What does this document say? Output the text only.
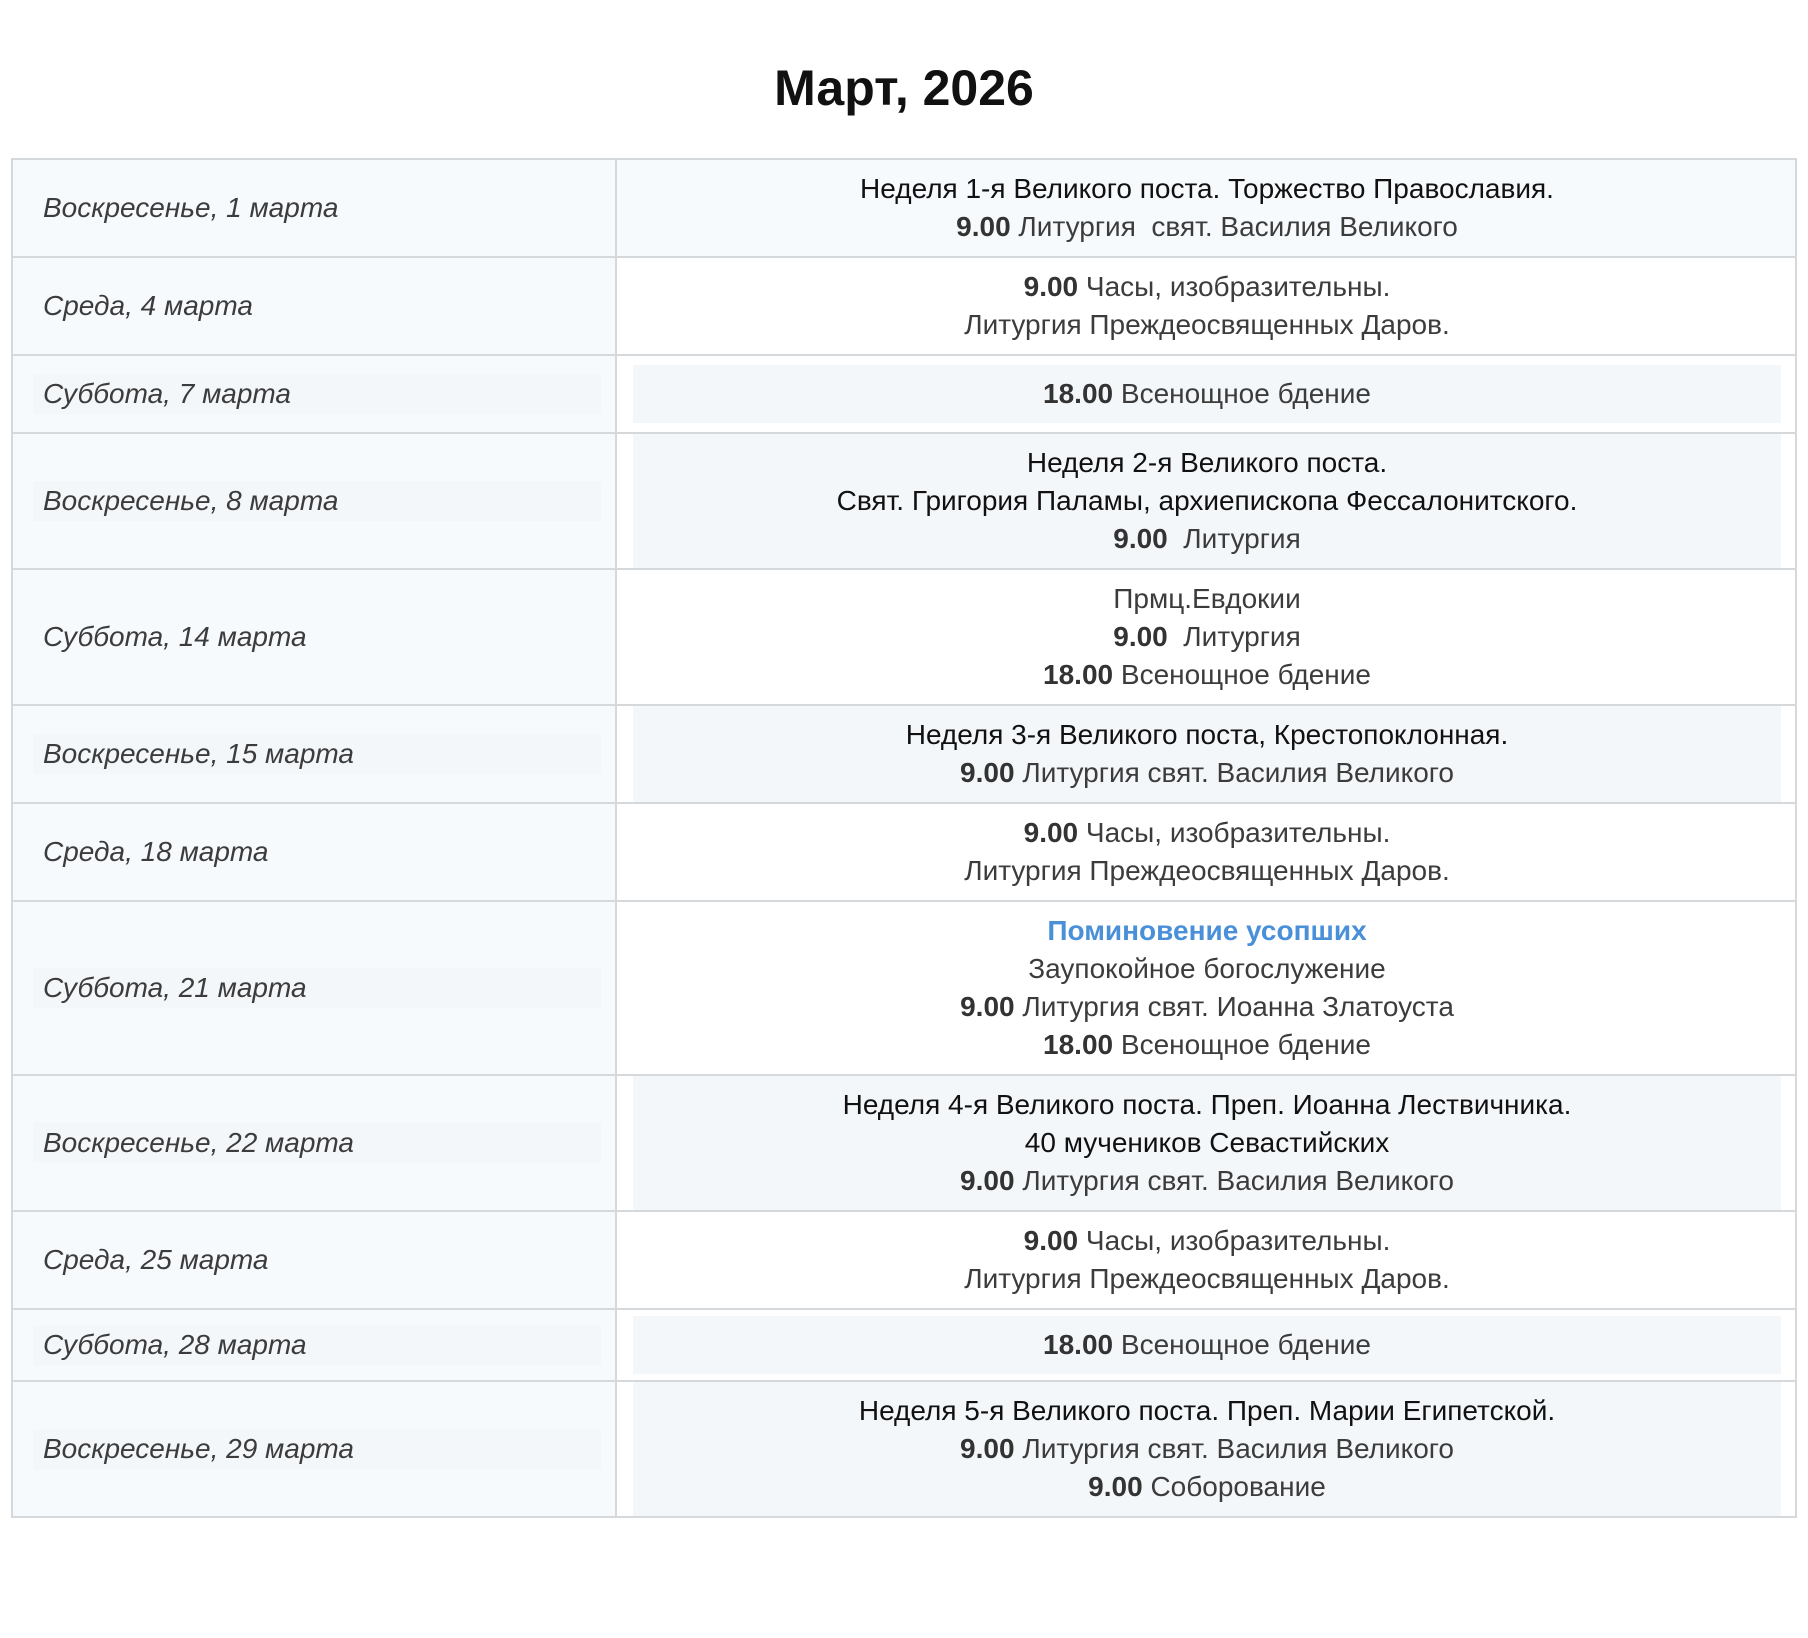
Март, 2026
Воскресенье, 1 марта	Неделя 1-я Великого поста. Торжество Православия.
9.00 Литургия  свят. Василия Великого

Среда, 4 марта	9.00 Часы, изобразительны.
Литургия Преждеосвященных Даров.

Суббота, 7 марта	18.00 Всенощное бдение

Воскресенье, 8 марта	Неделя 2-я Великого поста.
Свят. Григория Паламы, архиепископа Фессалонитского.
9.00  Литургия

Суббота, 14 марта	Прмц.Евдокии
9.00  Литургия
18.00 Всенощное бдение

Воскресенье, 15 марта	Неделя 3-я Великого поста, Крестопоклонная.
9.00 Литургия свят. Василия Великого

Среда, 18 марта	9.00 Часы, изобразительны.
Литургия Преждеосвященных Даров.

Суббота, 21 марта	Поминовение усопших
Заупокойное богослужение
9.00 Литургия свят. Иоанна Златоуста
18.00 Всенощное бдение

Воскресенье, 22 марта	Неделя 4-я Великого поста. Преп. Иоанна Лествичника.
40 мучеников Севастийских
9.00 Литургия свят. Василия Великого

Среда, 25 марта	9.00 Часы, изобразительны.
Литургия Преждеосвященных Даров.

Суббота, 28 марта	18.00 Всенощное бдение

Воскресенье, 29 марта	Неделя 5-я Великого поста. Преп. Марии Египетской.
9.00 Литургия свят. Василия Великого
9.00 Соборование
